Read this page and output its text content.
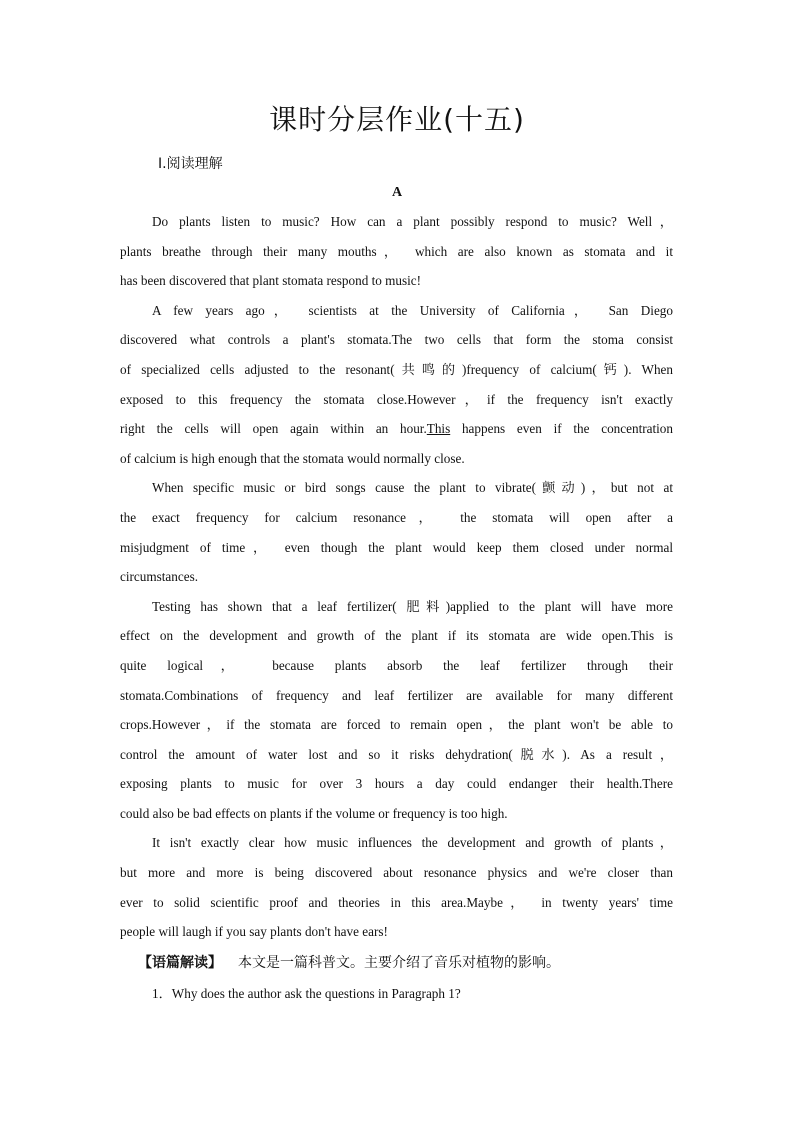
课时分层作业(十五)
Ⅰ.阅读理解
A
Do plants listen to music? How can a plant possibly respond to music? Well，
plants breathe through their many mouths， which are also known as stomata and it
has been discovered that plant stomata respond to music!
A few years ago， scientists at the University of California， San Diego
discovered what controls a plant's stomata.The two cells that form the stoma consist
of specialized cells adjusted to the resonant(共鸣的)frequency of calcium(钙). When
exposed to this frequency the stomata close.However，if the frequency isn't exactly
right the cells will open again within an hour.This happens even if the concentration
of calcium is high enough that the stomata would normally close.
When specific music or bird songs cause the plant to vibrate(颤动)，but not at
the exact frequency for calcium resonance， the stomata will open after a
misjudgment of time， even though the plant would keep them closed under normal
circumstances.
Testing has shown that a leaf fertilizer( 肥料)applied to the plant will have more
effect on the development and growth of the plant if its stomata are wide open.This is
quite logical， because plants absorb the leaf fertilizer through their
stomata.Combinations of frequency and leaf fertilizer are available for many different
crops.However，if the stomata are forced to remain open，the plant won't be able to
control the amount of water lost and so it risks dehydration(脱水). As a result，
exposing plants to music for over 3 hours a day could endanger their health.There
could also be bad effects on plants if the volume or frequency is too high.
It isn't exactly clear how music influences the development and growth of plants，
but more and more is being discovered about resonance physics and we're closer than
ever to solid scientific proof and theories in this area.Maybe， in twenty years' time
people will laugh if you say plants don't have ears!
【语篇解读】 本文是一篇科普文。主要介绍了音乐对植物的影响。
1．Why does the author ask the questions in Paragraph 1?
